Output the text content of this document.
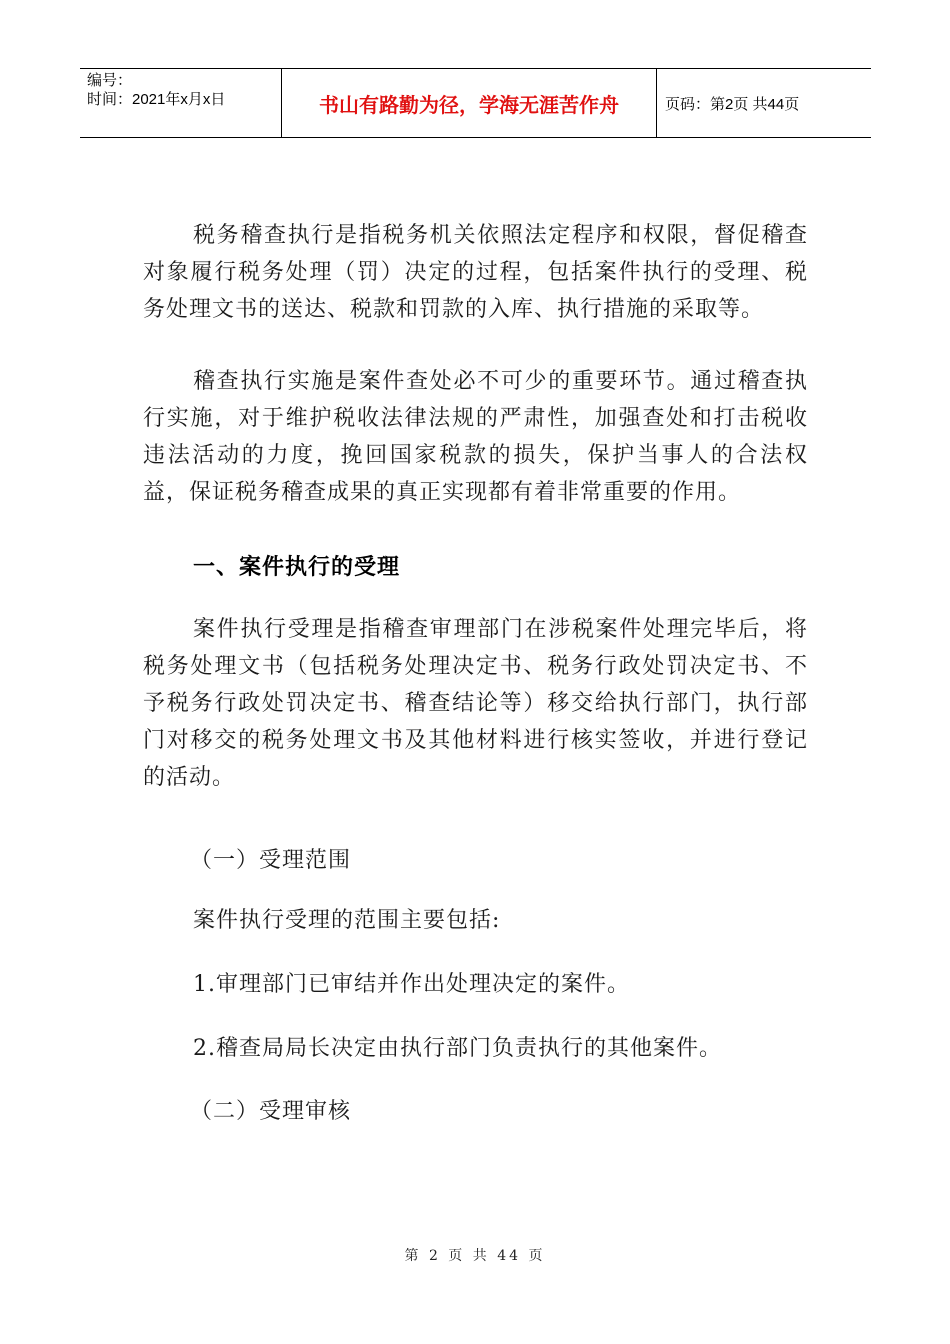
编号：
时间：2021年x月x日	书山有路勤为径，学海无涯苦作舟	页码：第2页 共44页

税务稽查执行是指税务机关依照法定程序和权限，督促稽查对象履行税务处理（罚）决定的过程，包括案件执行的受理、税务处理文书的送达、税款和罚款的入库、执行措施的采取等。

稽查执行实施是案件查处必不可少的重要环节。通过稽查执行实施，对于维护税收法律法规的严肃性，加强查处和打击税收违法活动的力度，挽回国家税款的损失，保护当事人的合法权益，保证税务稽查成果的真正实现都有着非常重要的作用。

一、案件执行的受理

案件执行受理是指稽查审理部门在涉税案件处理完毕后，将税务处理文书（包括税务处理决定书、税务行政处罚决定书、不予税务行政处罚决定书、稽查结论等）移交给执行部门，执行部门对移交的税务处理文书及其他材料进行核实签收，并进行登记的活动。

（一）受理范围

案件执行受理的范围主要包括:

1.审理部门已审结并作出处理决定的案件。

2.稽查局局长决定由执行部门负责执行的其他案件。

（二）受理审核

第 2 页 共 44 页
